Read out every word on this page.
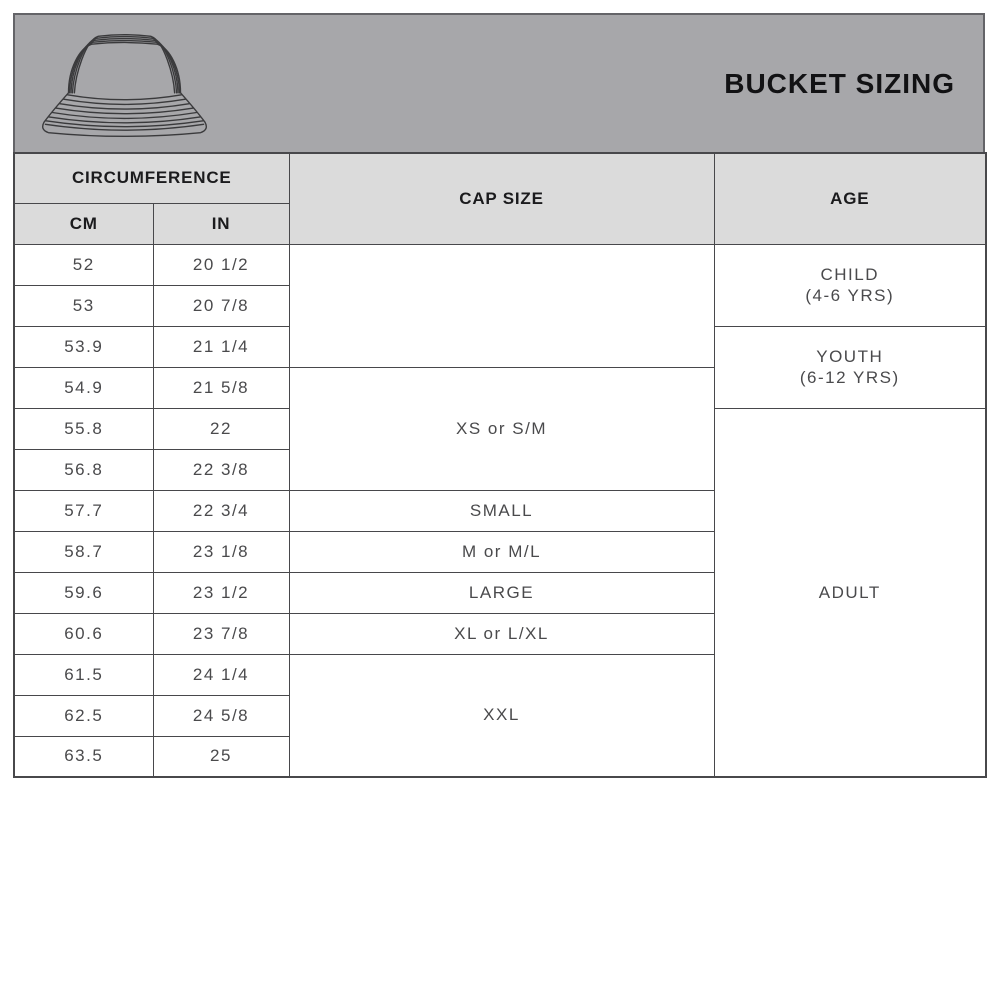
BUCKET SIZING
CIRCUMFERENCE		CAP SIZE	AGE
CM	IN		
52	20 1/2		CHILD
(4-6 YRS)

53	20 7/8		
53.9	21 1/4		YOUTH
(6-12 YRS)

54.9	21 5/8	XS or S/M	
55.8	22		ADULT

56.8	22 3/8		
57.7	22 3/4	SMALL	
58.7	23 1/8	M or M/L	
59.6	23 1/2	LARGE	
60.6	23 7/8	XL or L/XL	
61.5	24 1/4	XXL	
62.5	24 5/8		
63.5	25		
